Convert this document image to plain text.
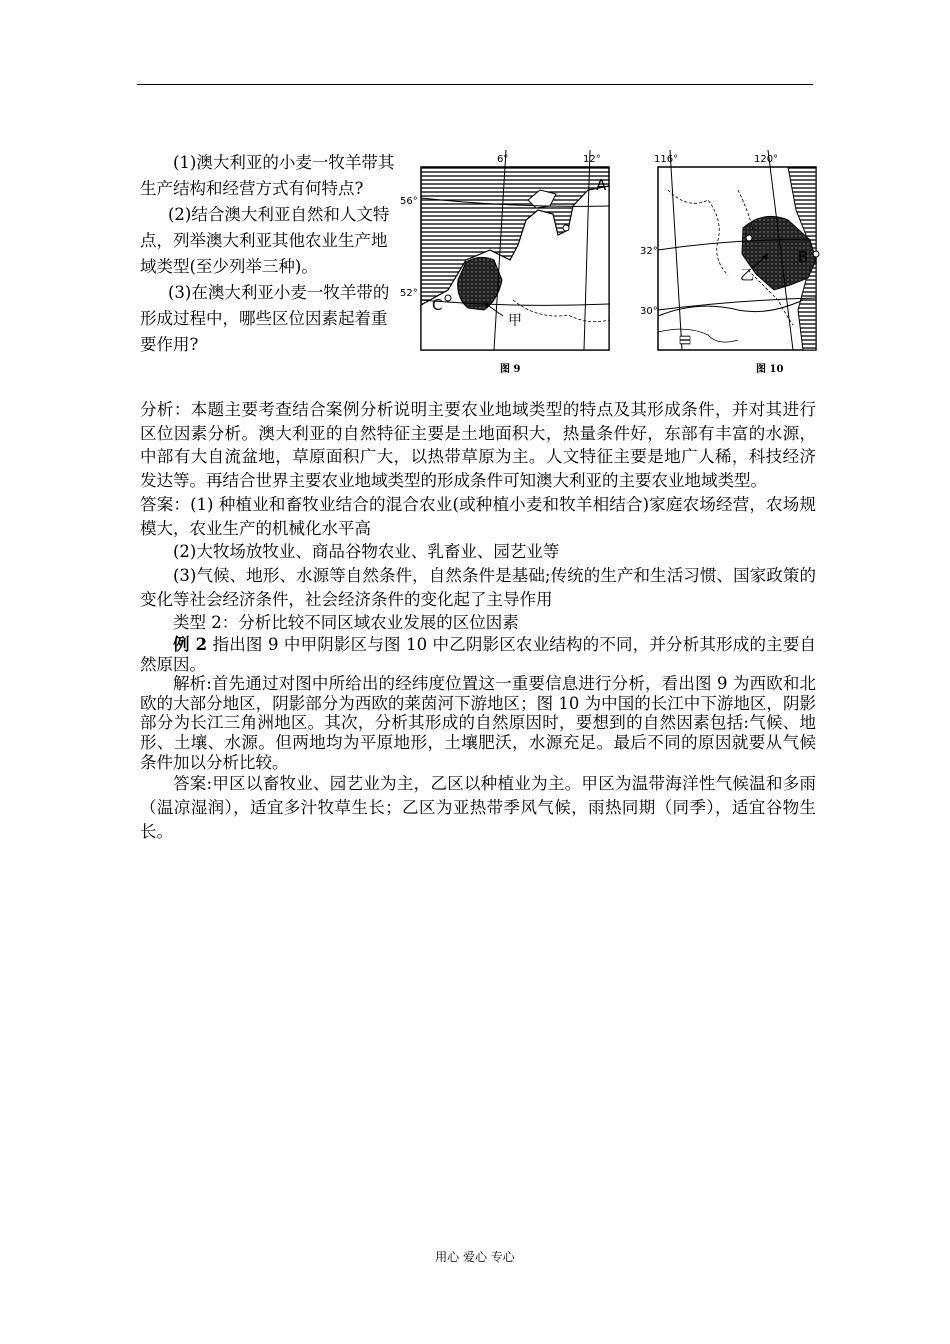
(1)澳大利亚的小麦一牧羊带其生产结构和经营方式有何特点?

(2)结合澳大利亚自然和人文特点，列举澳大利亚其他农业生产地域类型(至少列举三种)。

(3)在澳大利亚小麦一牧羊带的形成过程中，哪些区位因素起着重要作用?

6°	12°
56°
52°
A
C
甲
图 9
116°	120°
32°
30°
B
乙
图 10

分析：本题主要考查结合案例分析说明主要农业地域类型的特点及其形成条件，并对其进行区位因素分析。澳大利亚的自然特征主要是土地面积大，热量条件好，东部有丰富的水源，中部有大自流盆地，草原面积广大，以热带草原为主。人文特征主要是地广人稀，科技经济发达等。再结合世界主要农业地域类型的形成条件可知澳大利亚的主要农业地域类型。

答案：(1) 种植业和畜牧业结合的混合农业(或种植小麦和牧羊相结合)家庭农场经营，农场规模大，农业生产的机械化水平高

(2)大牧场放牧业、商品谷物农业、乳畜业、园艺业等

(3)气候、地形、水源等自然条件，自然条件是基础;传统的生产和生活习惯、国家政策的变化等社会经济条件，社会经济条件的变化起了主导作用

类型 2：分析比较不同区域农业发展的区位因素

例 2 指出图 9 中甲阴影区与图 10 中乙阴影区农业结构的不同，并分析其形成的主要自然原因。

解析:首先通过对图中所给出的经纬度位置这一重要信息进行分析，看出图 9 为西欧和北欧的大部分地区，阴影部分为西欧的莱茵河下游地区；图 10 为中国的长江中下游地区，阴影部分为长江三角洲地区。其次，分析其形成的自然原因时，要想到的自然因素包括:气候、地形、土壤、水源。但两地均为平原地形，土壤肥沃，水源充足。最后不同的原因就要从气候条件加以分析比较。

答案:甲区以畜牧业、园艺业为主，乙区以种植业为主。甲区为温带海洋性气候温和多雨（温凉湿润），适宜多汁牧草生长；乙区为亚热带季风气候，雨热同期（同季），适宜谷物生长。

用心 爱心 专心
